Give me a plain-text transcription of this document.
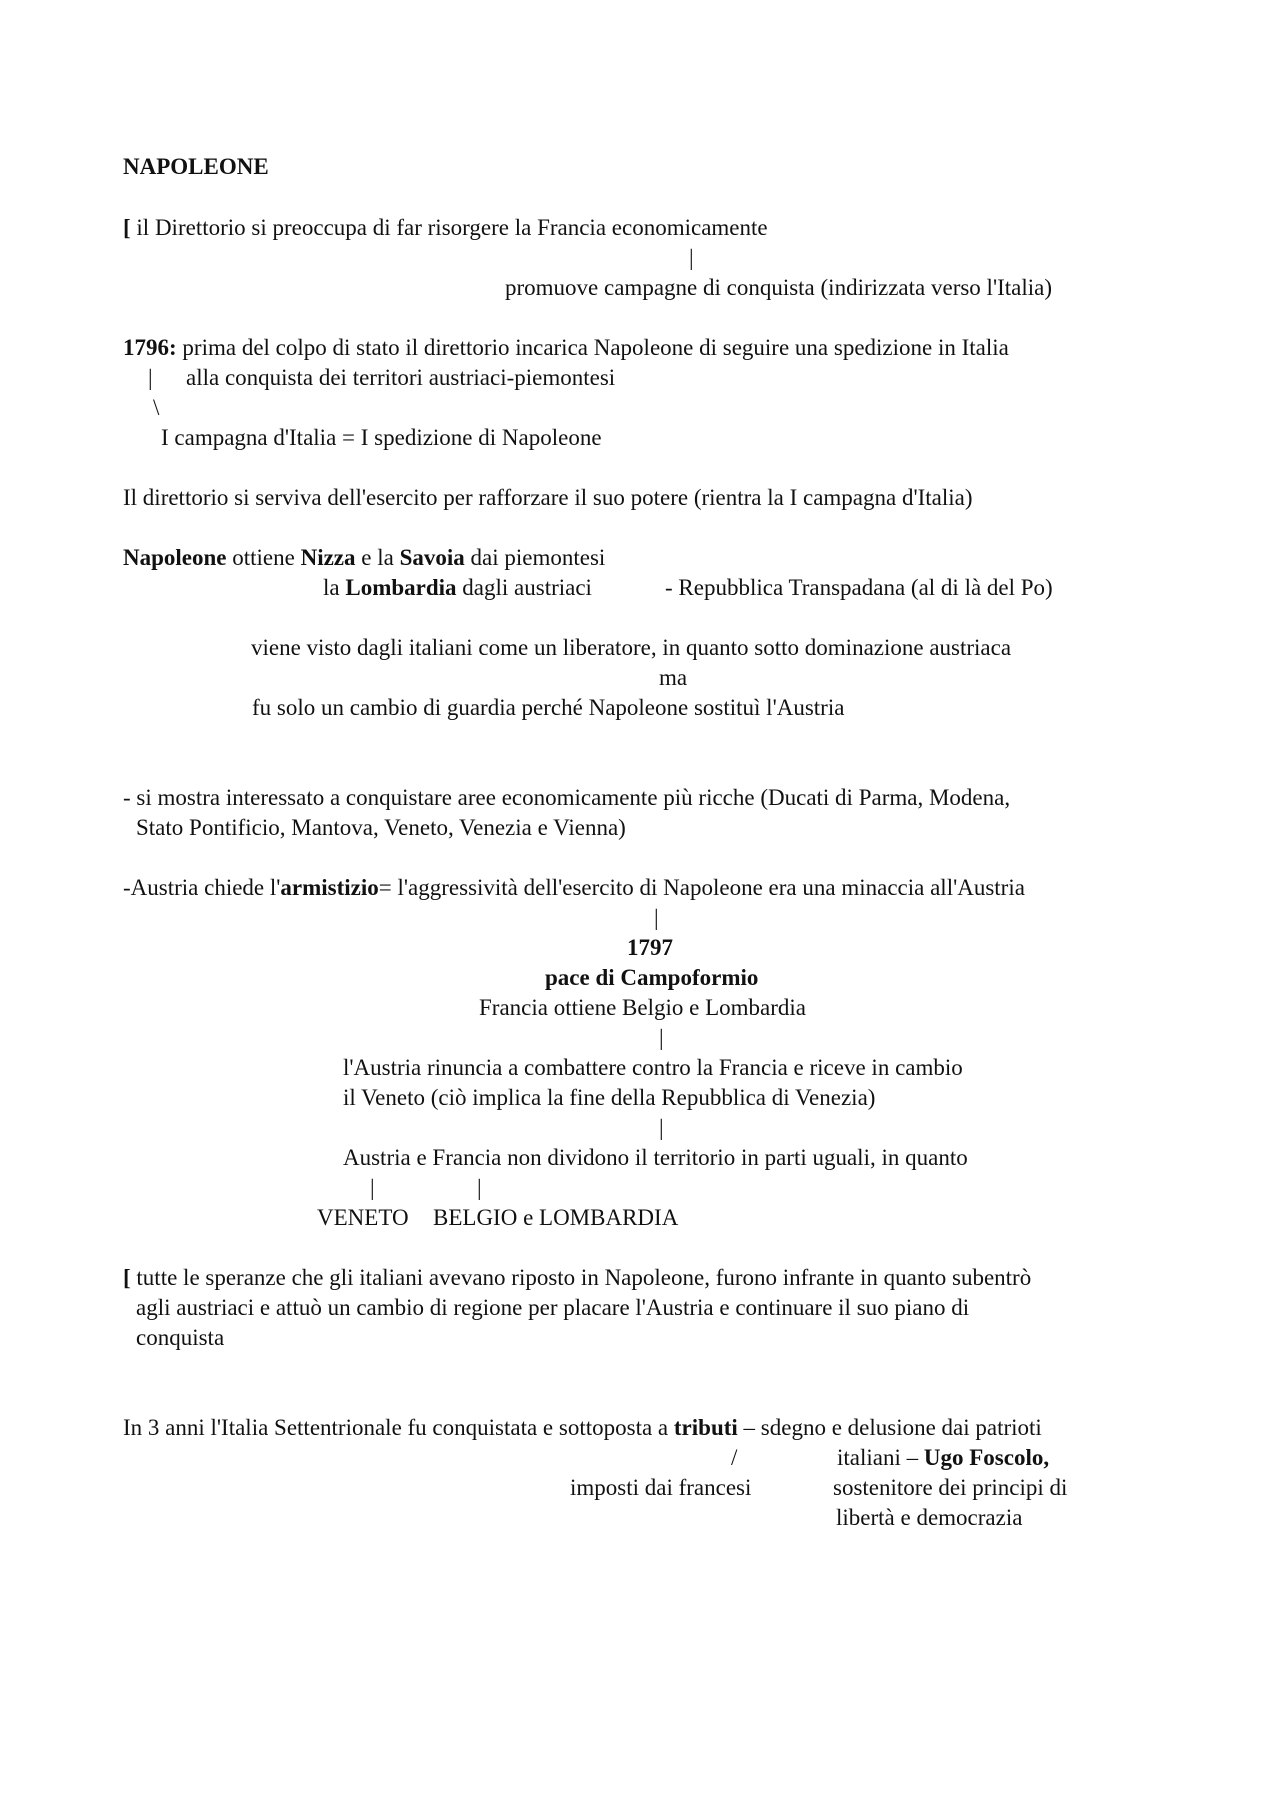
NAPOLEONE
[ il Direttorio si preoccupa di far risorgere la Francia economicamente
|
promuove campagne di conquista (indirizzata verso l'Italia)
1796: prima del colpo di stato il direttorio incarica Napoleone di seguire una spedizione in Italia
| alla conquista dei territori austriaci-piemontesi
\
I campagna d'Italia = I spedizione di Napoleone
Il direttorio si serviva dell'esercito per rafforzare il suo potere (rientra la I campagna d'Italia)
Napoleone ottiene Nizza e la Savoia dai piemontesi
la Lombardia dagli austriaci	- Repubblica Transpadana (al di là del Po)
viene visto dagli italiani come un liberatore, in quanto sotto dominazione austriaca
ma
fu solo un cambio di guardia perché Napoleone sostituì l'Austria
- si mostra interessato a conquistare aree economicamente più ricche (Ducati di Parma, Modena,
Stato Pontificio, Mantova, Veneto, Venezia e Vienna)
-Austria chiede l'armistizio= l'aggressività dell'esercito di Napoleone era una minaccia all'Austria
|
1797
pace di Campoformio
Francia ottiene Belgio e Lombardia
|
l'Austria rinuncia a combattere contro la Francia e riceve in cambio
il Veneto (ciò implica la fine della Repubblica di Venezia)
|
Austria e Francia non dividono il territorio in parti uguali, in quanto
|	|
VENETO BELGIO e LOMBARDIA
[ tutte le speranze che gli italiani avevano riposto in Napoleone, furono infrante in quanto subentrò
agli austriaci e attuò un cambio di regione per placare l'Austria e continuare il suo piano di
conquista
In 3 anni l'Italia Settentrionale fu conquistata e sottoposta a tributi – sdegno e delusione dai patrioti
/	italiani – Ugo Foscolo,
imposti dai francesi	sostenitore dei principi di
libertà e democrazia
